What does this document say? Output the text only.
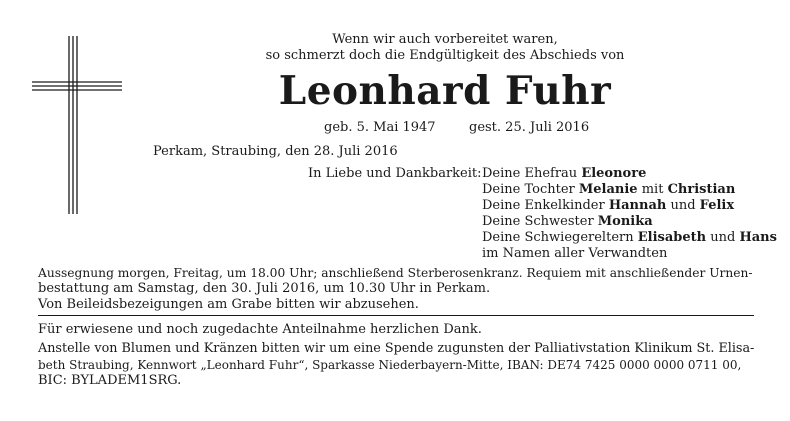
Wenn wir auch vorbereitet waren,
so schmerzt doch die Endgültigkeit des Abschieds von
Leonhard Fuhr
geb. 5. Mai 1947	gest. 25. Juli 2016
Perkam, Straubing, den 28. Juli 2016
In Liebe und Dankbarkeit: Deine Ehefrau Eleonore
Deine Tochter Melanie mit Christian
Deine Enkelkinder Hannah und Felix
Deine Schwester Monika
Deine Schwiegereltern Elisabeth und Hans
im Namen aller Verwandten
Aussegnung morgen, Freitag, um 18.00 Uhr; anschließend Sterberosenkranz. Requiem mit anschließender Urnen-
bestattung am Samstag, den 30. Juli 2016, um 10.30 Uhr in Perkam.
Von Beileidsbezeigungen am Grabe bitten wir abzusehen.
Für erwiesene und noch zugedachte Anteilnahme herzlichen Dank.
Anstelle von Blumen und Kränzen bitten wir um eine Spende zugunsten der Palliativstation Klinikum St. Elisa-
beth Straubing, Kennwort „Leonhard Fuhr“, Sparkasse Niederbayern-Mitte, IBAN: DE74 7425 0000 0000 0711 00,
BIC: BYLADEM1SRG.
